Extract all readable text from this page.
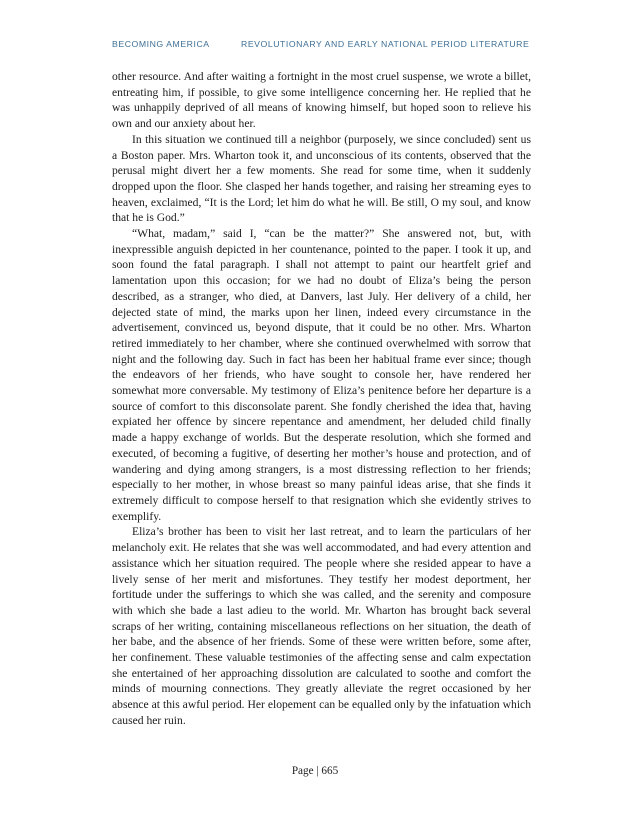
BECOMING AMERICA	REVOLUTIONARY AND EARLY NATIONAL PERIOD LITERATURE

other resource. And after waiting a fortnight in the most cruel suspense, we wrote a billet, entreating him, if possible, to give some intelligence concerning her. He replied that he was unhappily deprived of all means of knowing himself, but hoped soon to relieve his own and our anxiety about her.

In this situation we continued till a neighbor (purposely, we since concluded) sent us a Boston paper. Mrs. Wharton took it, and unconscious of its contents, observed that the perusal might divert her a few moments. She read for some time, when it suddenly dropped upon the floor. She clasped her hands together, and raising her streaming eyes to heaven, exclaimed, “It is the Lord; let him do what he will. Be still, O my soul, and know that he is God.”

“What, madam,” said I, “can be the matter?” She answered not, but, with inexpressible anguish depicted in her countenance, pointed to the paper. I took it up, and soon found the fatal paragraph. I shall not attempt to paint our heartfelt grief and lamentation upon this occasion; for we had no doubt of Eliza’s being the person described, as a stranger, who died, at Danvers, last July. Her delivery of a child, her dejected state of mind, the marks upon her linen, indeed every circumstance in the advertisement, convinced us, beyond dispute, that it could be no other. Mrs. Wharton retired immediately to her chamber, where she continued overwhelmed with sorrow that night and the following day. Such in fact has been her habitual frame ever since; though the endeavors of her friends, who have sought to console her, have rendered her somewhat more conversable. My testimony of Eliza’s penitence before her departure is a source of comfort to this disconsolate parent. She fondly cherished the idea that, having expiated her offence by sincere repentance and amendment, her deluded child finally made a happy exchange of worlds. But the desperate resolution, which she formed and executed, of becoming a fugitive, of deserting her mother’s house and protection, and of wandering and dying among strangers, is a most distressing reflection to her friends; especially to her mother, in whose breast so many painful ideas arise, that she finds it extremely difficult to compose herself to that resignation which she evidently strives to exemplify.

Eliza’s brother has been to visit her last retreat, and to learn the particulars of her melancholy exit. He relates that she was well accommodated, and had every attention and assistance which her situation required. The people where she resided appear to have a lively sense of her merit and misfortunes. They testify her modest deportment, her fortitude under the sufferings to which she was called, and the serenity and composure with which she bade a last adieu to the world. Mr. Wharton has brought back several scraps of her writing, containing miscellaneous reflections on her situation, the death of her babe, and the absence of her friends. Some of these were written before, some after, her confinement. These valuable testimonies of the affecting sense and calm expectation she entertained of her approaching dissolution are calculated to soothe and comfort the minds of mourning connections. They greatly alleviate the regret occasioned by her absence at this awful period. Her elopement can be equalled only by the infatuation which caused her ruin.

Page | 665
